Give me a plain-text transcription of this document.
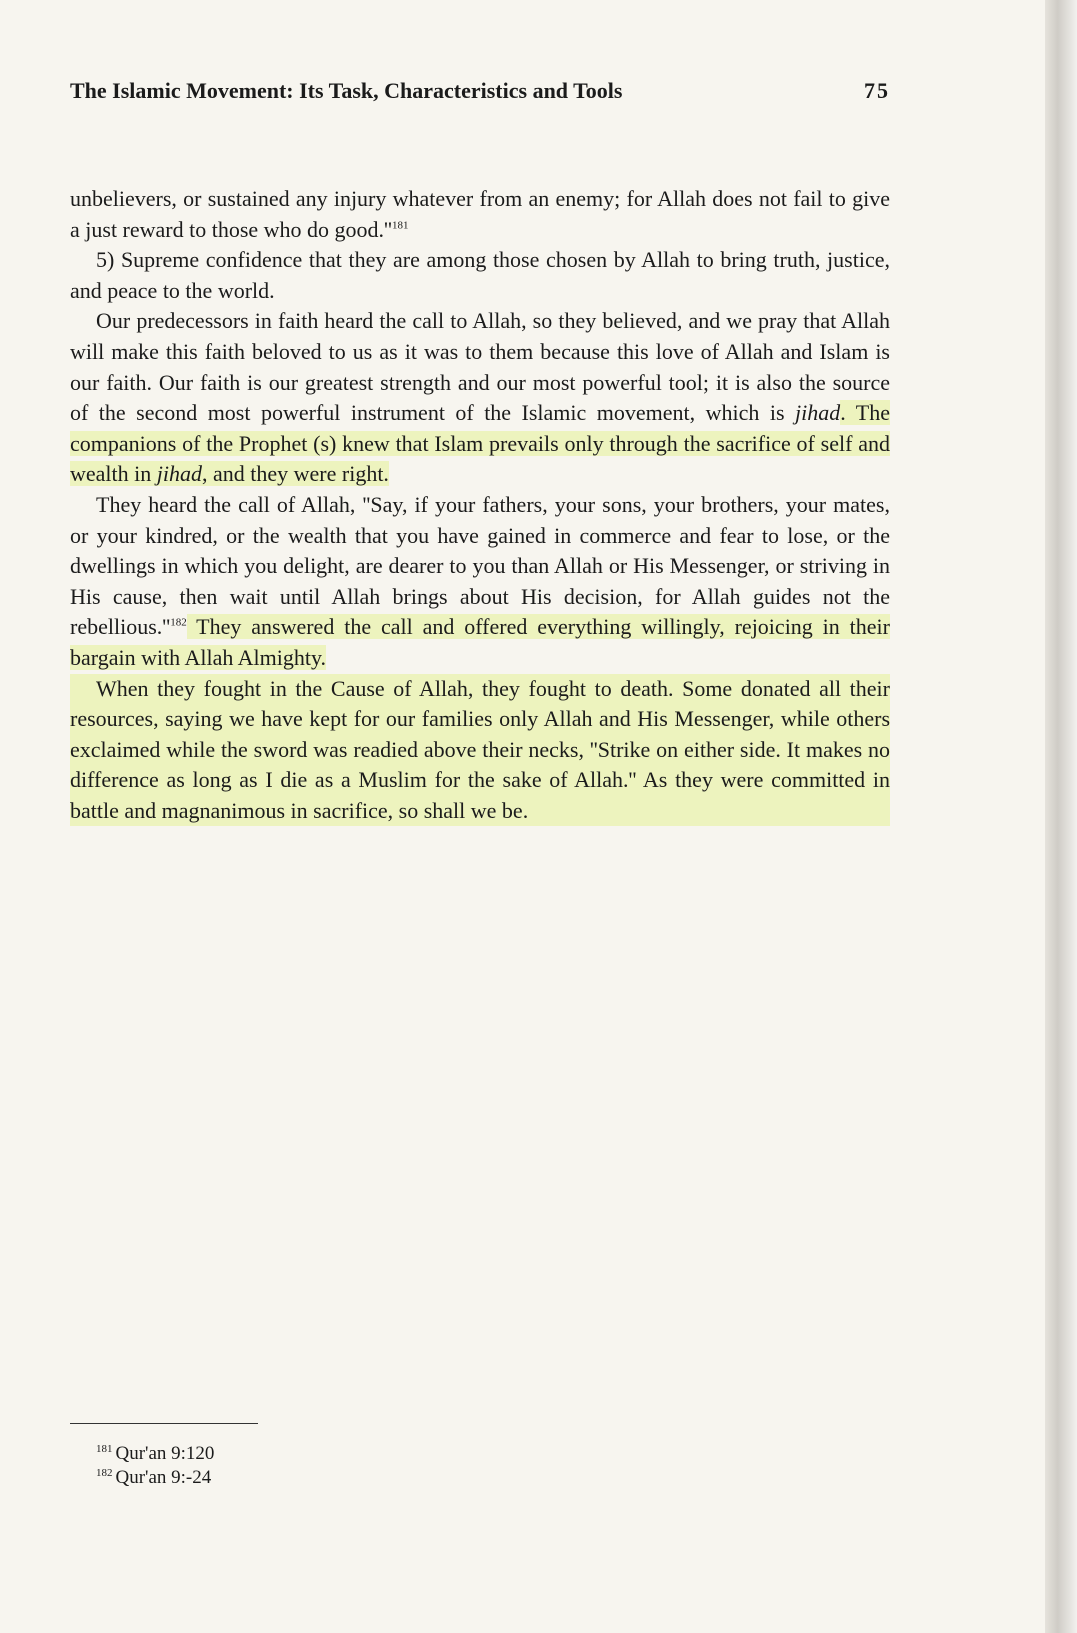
The Islamic Movement: Its Task, Characteristics and Tools	75

unbelievers, or sustained any injury whatever from an enemy; for Allah does not fail to give a just reward to those who do $good.''^{181}$

5) Supreme confidence that they are among those chosen by Allah to bring truth, justice, and peace to the world.

Our predecessors in faith heard the call to Allah, so they believed, and we pray that Allah will make this faith beloved to us as it was to them because this love of Allah and Islam is our faith. Our faith is our greatest strength and our most powerful tool; it is also the source of the second most powerful instrument of the Islamic movement, which is jihad. The companions of the Prophet (s) knew that Islam prevails only through the sacrifice of self and wealth in jihad, and they were right.

They heard the call of Allah, ''Say, if your fathers, your sons, your brothers, your mates, or your kindred, or the wealth that you have gained in commerce and fear to lose, or the dwellings in which you delight, are dearer to you than Allah or His Messenger, or striving in His cause, then wait until Allah brings about His decision, for Allah guides not the $rebellious.''^{182}$ They answered the call and offered everything willingly, rejoicing in their bargain with Allah Almighty.

When they fought in the Cause of Allah, they fought to death. Some donated all their resources, saying we have kept for our families only Allah and His Messenger, while others exclaimed while the sword was readied above their necks, ''Strike on either side. It makes no difference as long as I die as a Muslim for the sake of Allah.'' As they were committed in battle and magnanimous in sacrifice, so shall we be.

$^{181}$ Qur'an 9:120
$^{182}$ Qur'an 9:-24
